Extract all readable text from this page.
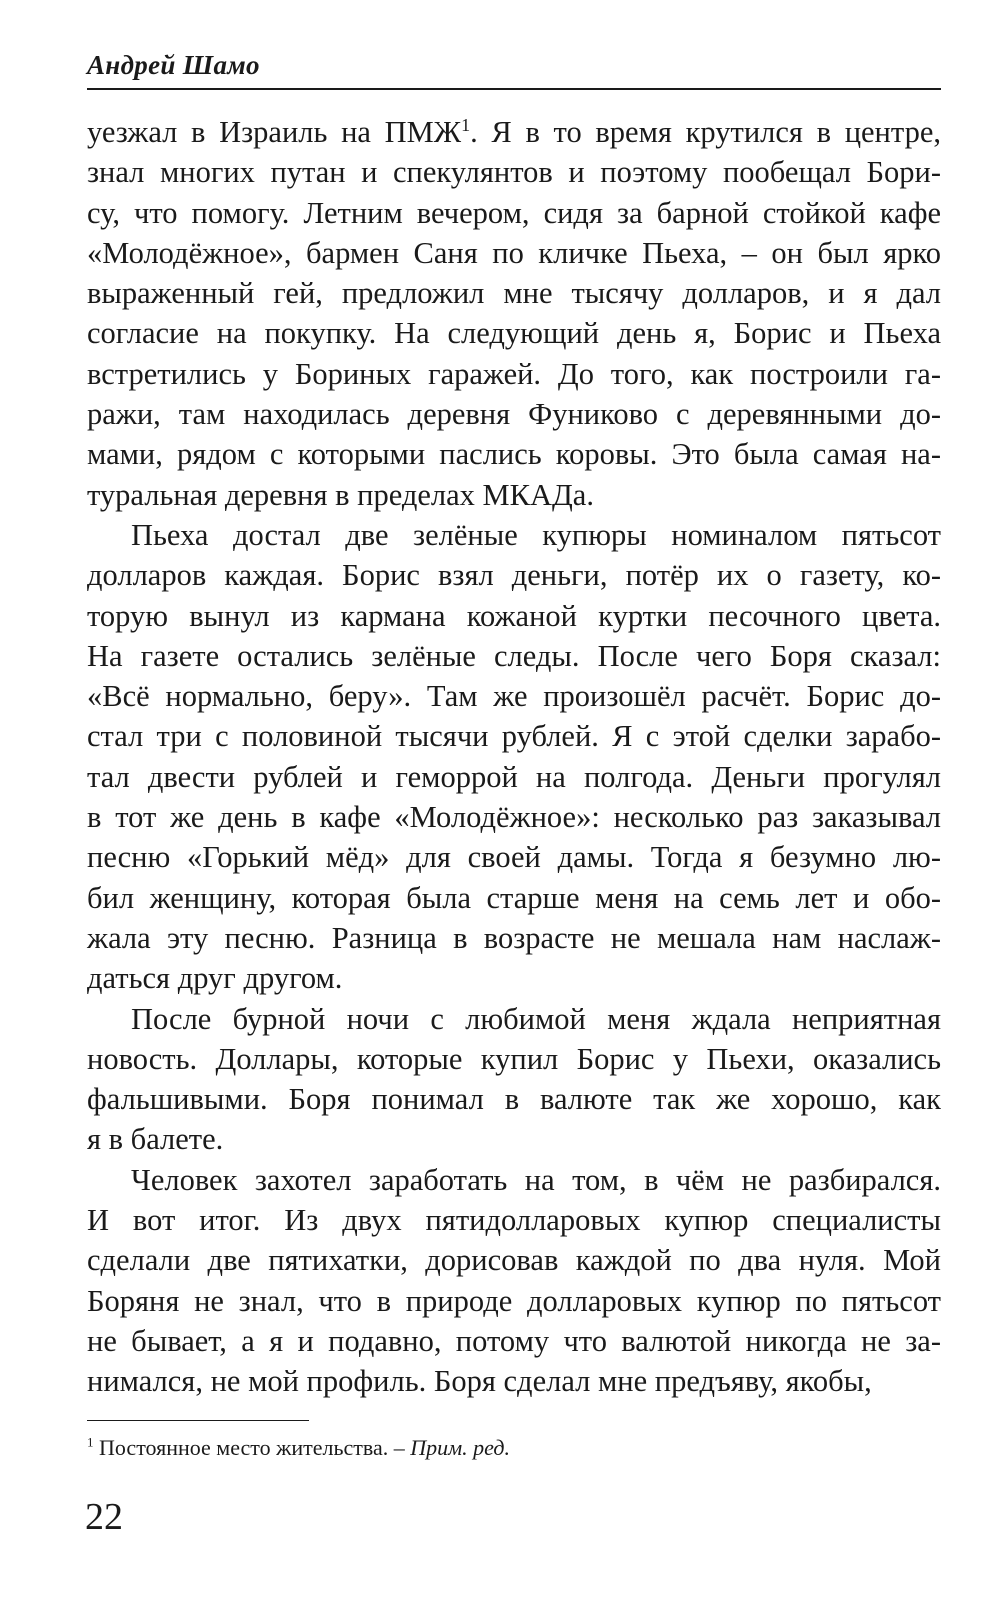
Андрей Шамо
уезжал в Израиль на ПМЖ$^1$. Я в то время крутился в центре,
знал многих путан и спекулянтов и поэтому пообещал Бори-
су, что помогу. Летним вечером, сидя за барной стойкой кафе
«Молодёжное», бармен Саня по кличке Пьеха, – он был ярко
выраженный гей, предложил мне тысячу долларов, и я дал
согласие на покупку. На следующий день я, Борис и Пьеха
встретились у Бориных гаражей. До того, как построили га-
ражи, там находилась деревня Фуниково с деревянными до-
мами, рядом с которыми паслись коровы. Это была самая на-
туральная деревня в пределах МКАДа.
Пьеха достал две зелёные купюры номиналом пятьсот
долларов каждая. Борис взял деньги, потёр их о газету, ко-
торую вынул из кармана кожаной куртки песочного цвета.
На газете остались зелёные следы. После чего Боря сказал:
«Всё нормально, беру». Там же произошёл расчёт. Борис до-
стал три с половиной тысячи рублей. Я с этой сделки зарабо-
тал двести рублей и геморрой на полгода. Деньги прогулял
в тот же день в кафе «Молодёжное»: несколько раз заказывал
песню «Горький мёд» для своей дамы. Тогда я безумно лю-
бил женщину, которая была старше меня на семь лет и обо-
жала эту песню. Разница в возрасте не мешала нам наслаж-
даться друг другом.
После бурной ночи с любимой меня ждала неприятная
новость. Доллары, которые купил Борис у Пьехи, оказались
фальшивыми. Боря понимал в валюте так же хорошо, как
я в балете.
Человек захотел заработать на том, в чём не разбирался.
И вот итог. Из двух пятидолларовых купюр специалисты
сделали две пятихатки, дорисовав каждой по два нуля. Мой
Боряня не знал, что в природе долларовых купюр по пятьсот
не бывает, а я и подавно, потому что валютой никогда не за-
нимался, не мой профиль. Боря сделал мне предъяву, якобы,
$^1$ Постоянное место жительства. – Прим. ред.
22
